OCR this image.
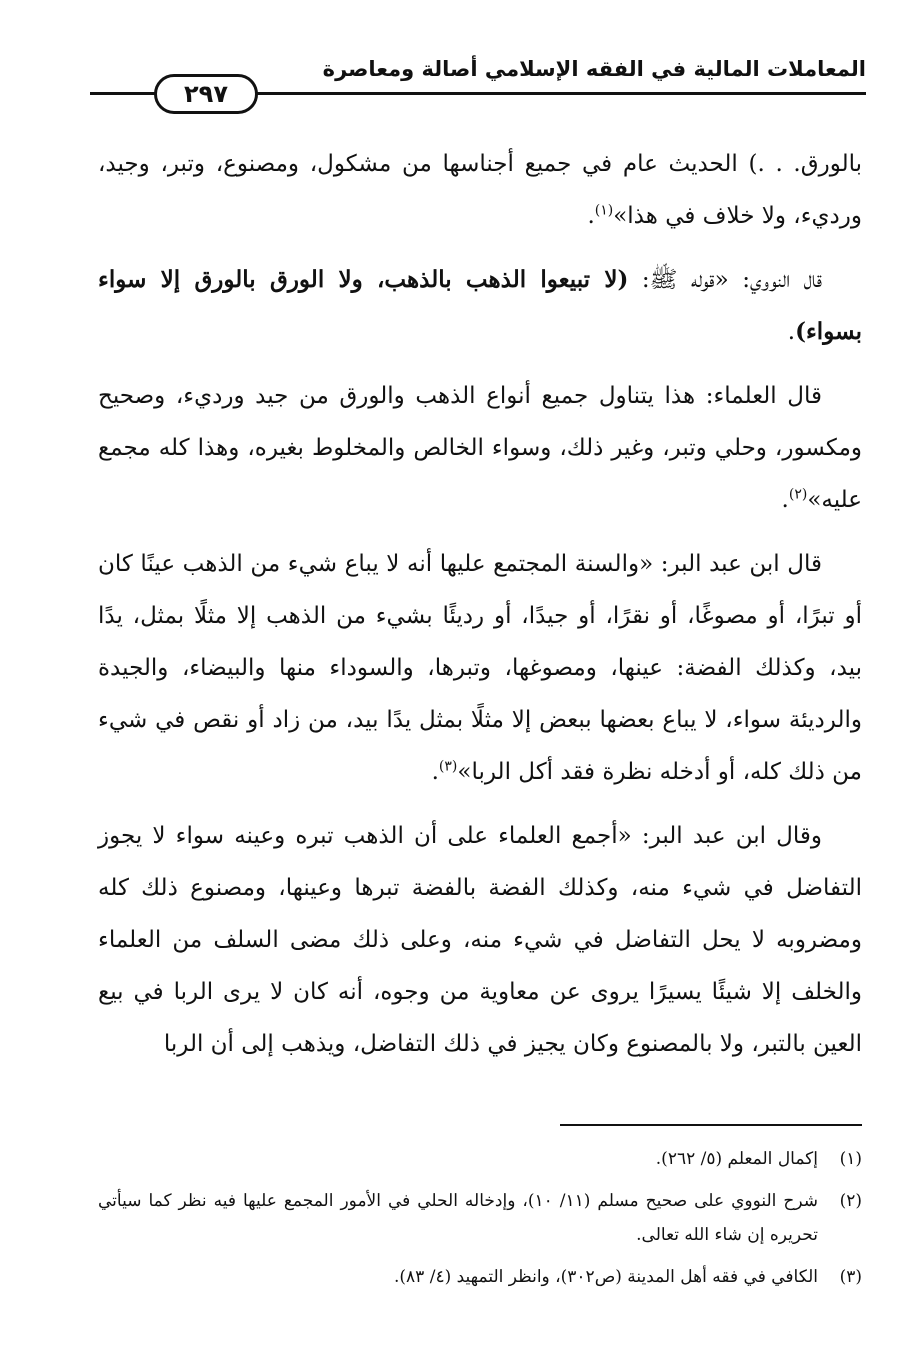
المعاملات المالية في الفقه الإسلامي أصالة ومعاصرة
٢٩٧

بالورق. . .) الحديث عام في جميع أجناسها من مشكول، ومصنوع، وتبر، وجيد، ورديء، ولا خلاف في هذا»$^{(١)}$.

قال النووي: «قوله ﷺ: (لا تبيعوا الذهب بالذهب، ولا الورق بالورق إلا سواء بسواء).

قال العلماء: هذا يتناول جميع أنواع الذهب والورق من جيد ورديء، وصحيح ومكسور، وحلي وتبر، وغير ذلك، وسواء الخالص والمخلوط بغيره، وهذا كله مجمع عليه»$^{(٢)}$.

قال ابن عبد البر: «والسنة المجتمع عليها أنه لا يباع شيء من الذهب عينًا كان أو تبرًا، أو مصوغًا، أو نقرًا، أو جيدًا، أو رديئًا بشيء من الذهب إلا مثلًا بمثل، يدًا بيد، وكذلك الفضة: عينها، ومصوغها، وتبرها، والسوداء منها والبيضاء، والجيدة والرديئة سواء، لا يباع بعضها ببعض إلا مثلًا بمثل يدًا بيد، من زاد أو نقص في شيء من ذلك كله، أو أدخله نظرة فقد أكل الربا»$^{(٣)}$.

وقال ابن عبد البر: «أجمع العلماء على أن الذهب تبره وعينه سواء لا يجوز التفاضل في شيء منه، وكذلك الفضة بالفضة تبرها وعينها، ومصنوع ذلك كله ومضروبه لا يحل التفاضل في شيء منه، وعلى ذلك مضى السلف من العلماء والخلف إلا شيئًا يسيرًا يروى عن معاوية من وجوه، أنه كان لا يرى الربا في بيع العين بالتبر، ولا بالمصنوع وكان يجيز في ذلك التفاضل، ويذهب إلى أن الربا

(١)
إكمال المعلم (٥/ ٢٦٢).
(٢)
شرح النووي على صحيح مسلم (١١/ ١٠)، وإدخاله الحلي في الأمور المجمع عليها فيه نظر كما سيأتي تحريره إن شاء الله تعالى.
(٣)
الكافي في فقه أهل المدينة (ص٣٠٢)، وانظر التمهيد (٤/ ٨٣).
